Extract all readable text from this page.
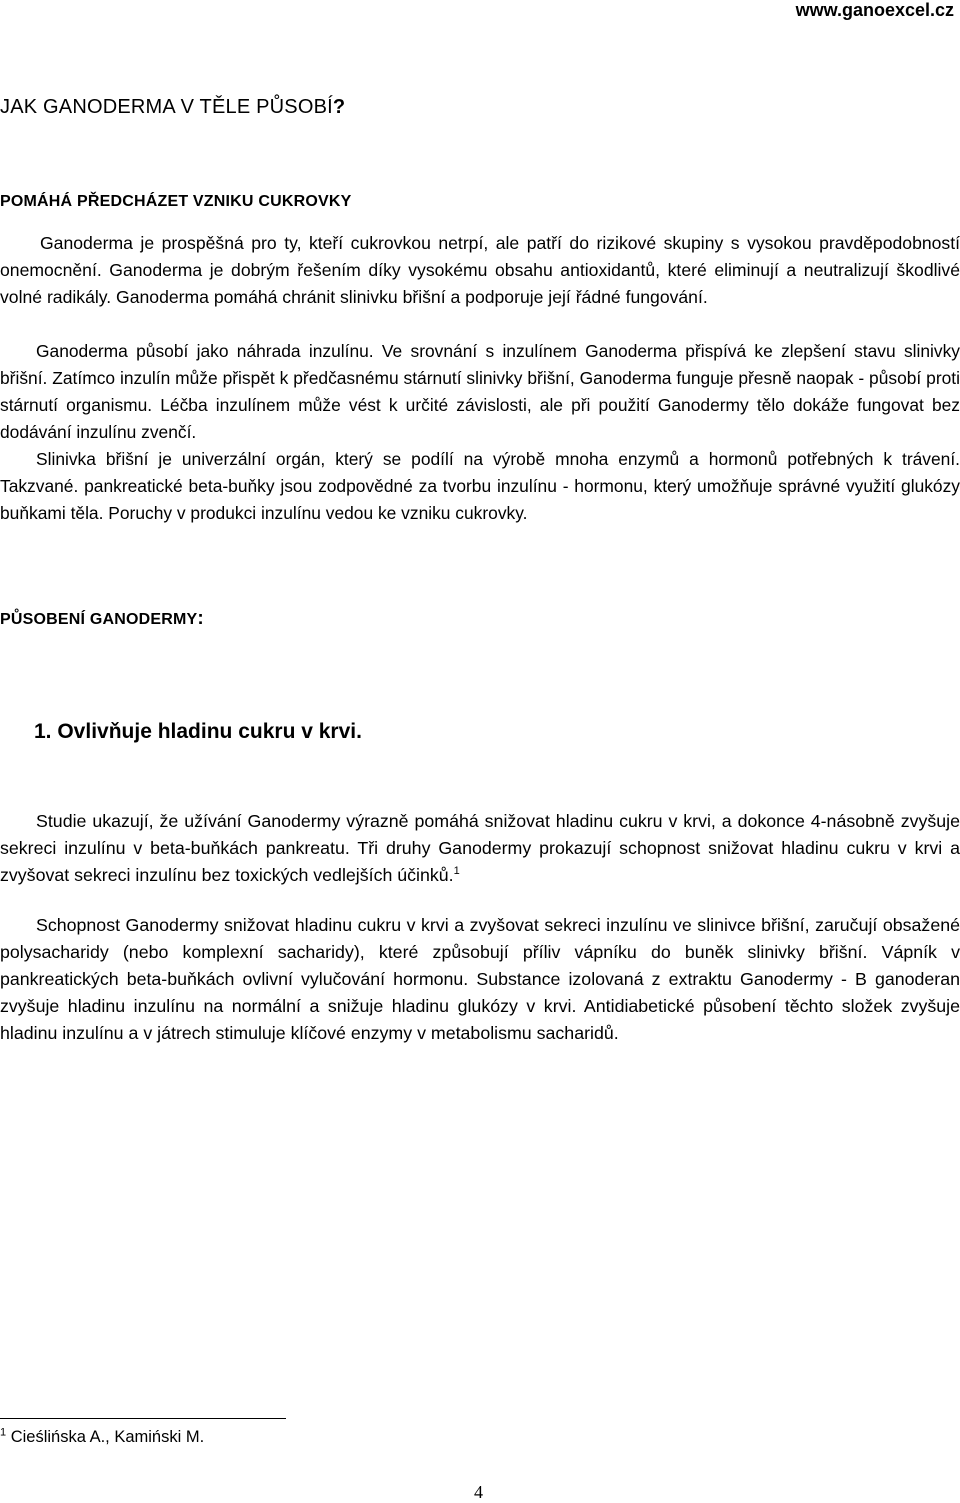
www.ganoexcel.cz
JAK GANODERMA V TĚLE PŮSOBÍ?
POMÁHÁ PŘEDCHÁZET VZNIKU CUKROVKY
Ganoderma je prospěšná pro ty, kteří cukrovkou netrpí, ale patří do rizikové skupiny s vysokou pravděpodobností onemocnění. Ganoderma je dobrým řešením díky vysokému obsahu antioxidantů, které eliminují a neutralizují škodlivé volné radikály. Ganoderma pomáhá chránit slinivku břišní a podporuje její řádné fungování.
Ganoderma působí jako náhrada inzulínu. Ve srovnání s inzulínem Ganoderma přispívá ke zlepšení stavu slinivky břišní. Zatímco inzulín může přispět k předčasnému stárnutí slinivky břišní, Ganoderma funguje přesně naopak - působí proti stárnutí organismu. Léčba inzulínem může vést k určité závislosti, ale při použití Ganodermy tělo dokáže fungovat bez dodávání inzulínu zvenčí.
Slinivka břišní je univerzální orgán, který se podílí na výrobě mnoha enzymů a hormonů potřebných k trávení. Takzvané. pankreatické beta-buňky jsou zodpovědné za tvorbu inzulínu - hormonu, který umožňuje správné využití glukózy buňkami těla. Poruchy v produkci inzulínu vedou ke vzniku cukrovky.
PŮSOBENÍ GANODERMY:
1. Ovlivňuje hladinu cukru v krvi.
Studie ukazují, že užívání Ganodermy výrazně pomáhá snižovat hladinu cukru v krvi, a dokonce 4-násobně zvyšuje sekreci inzulínu v beta-buňkách pankreatu. Tři druhy Ganodermy prokazují schopnost snižovat hladinu cukru v krvi a zvyšovat sekreci inzulínu bez toxických vedlejších účinků.$^1$
Schopnost Ganodermy snižovat hladinu cukru v krvi a zvyšovat sekreci inzulínu ve slinivce břišní, zaručují obsažené polysacharidy (nebo komplexní sacharidy), které způsobují příliv vápníku do buněk slinivky břišní. Vápník v pankreatických beta-buňkách ovlivní vylučování hormonu. Substance izolovaná z extraktu Ganodermy - B ganoderan zvyšuje hladinu inzulínu na normální a snižuje hladinu glukózy v krvi. Antidiabetické působení těchto složek zvyšuje hladinu inzulínu a v játrech stimuluje klíčové enzymy v metabolismu sacharidů.
$^1$ Cieślińska A., Kamiński M.
4
